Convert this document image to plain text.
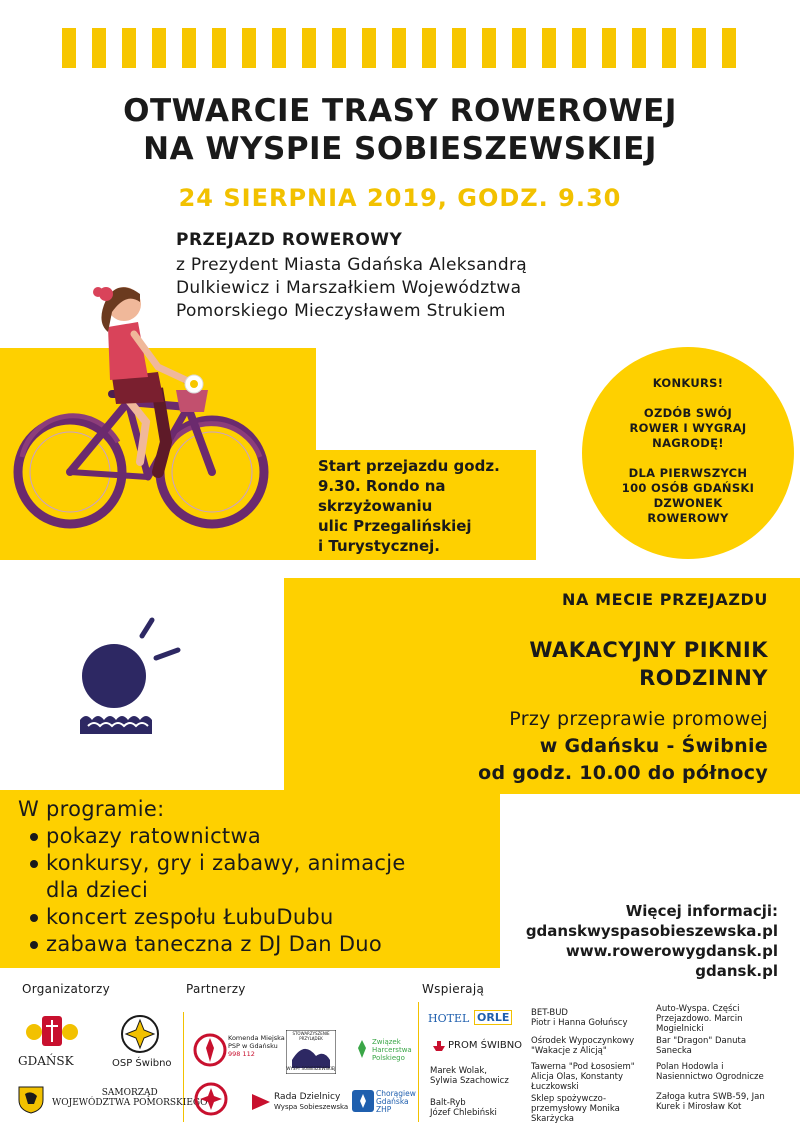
OTWARCIE TRASY ROWEROWEJ
NA WYSPIE SOBIESZEWSKIEJ
24 SIERPNIA 2019, GODZ. 9.30
PRZEJAZD ROWEROWY
z Prezydent Miasta Gdańska Aleksandrą
Dulkiewicz i Marszałkiem Województwa
Pomorskiego Mieczysławem Strukiem
Start przejazdu godz.
9.30. Rondo na
skrzyżowaniu
ulic Przegalińskiej
i Turystycznej.
KONKURS!
OZDÓB SWÓJ
ROWER I WYGRAJ
NAGRODĘ!
DLA PIERWSZYCH
100 OSÓB GDAŃSKI
DZWONEK
ROWEROWY
NA MECIE PRZEJAZDU
WAKACYJNY PIKNIK
RODZINNY
Przy przeprawie promowej
w Gdańsku - Świbnie
od godz. 10.00 do północy
W programie:
pokazy ratownictwa
konkursy, gry i zabawy, animacje
dla dzieci
koncert zespołu ŁubuDubu
zabawa taneczna z DJ Dan Duo
Więcej informacji:
gdanskwyspasobieszewska.pl
www.rowerowygdansk.pl
gdansk.pl
Organizatorzy	Partnerzy	Wspierają
GDAŃSK	OSP Świbno
SAMORZĄD
WOJEWÓDZTWA POMORSKIEGO
Komenda Miejska
PSP w Gdańsku
998 112
STOWARZYSZENIE
PRZYLĄDEK
WYSPY SOBIESZEWSKIEJ
Związek
Harcerstwa
Polskiego
Rada Dzielnicy
Wyspa Sobieszewska
Chorągiew
Gdańska
ZHP
HOTEL ORLE
PROM ŚWIBNO
Marek Wolak,
Sylwia Szachowicz
Balt-Ryb
Józef Chlebiński
BET-BUD
Piotr i Hanna Gołuńscy
Ośrodek Wypoczynkowy
"Wakacje z Alicją"
Tawerna "Pod Łososiem"
Alicja Olas, Konstanty
Łuczkowski
Sklep spożywczo-
przemysłowy Monika
Skarżycka
Auto-Wyspa. Części
Przejazdowo. Marcin
Mogielnicki
Bar "Dragon" Danuta
Sanecka
Polan Hodowla i
Nasiennictwo Ogrodnicze
Załoga kutra SWB-59, Jan
Kurek i Mirosław Kot
